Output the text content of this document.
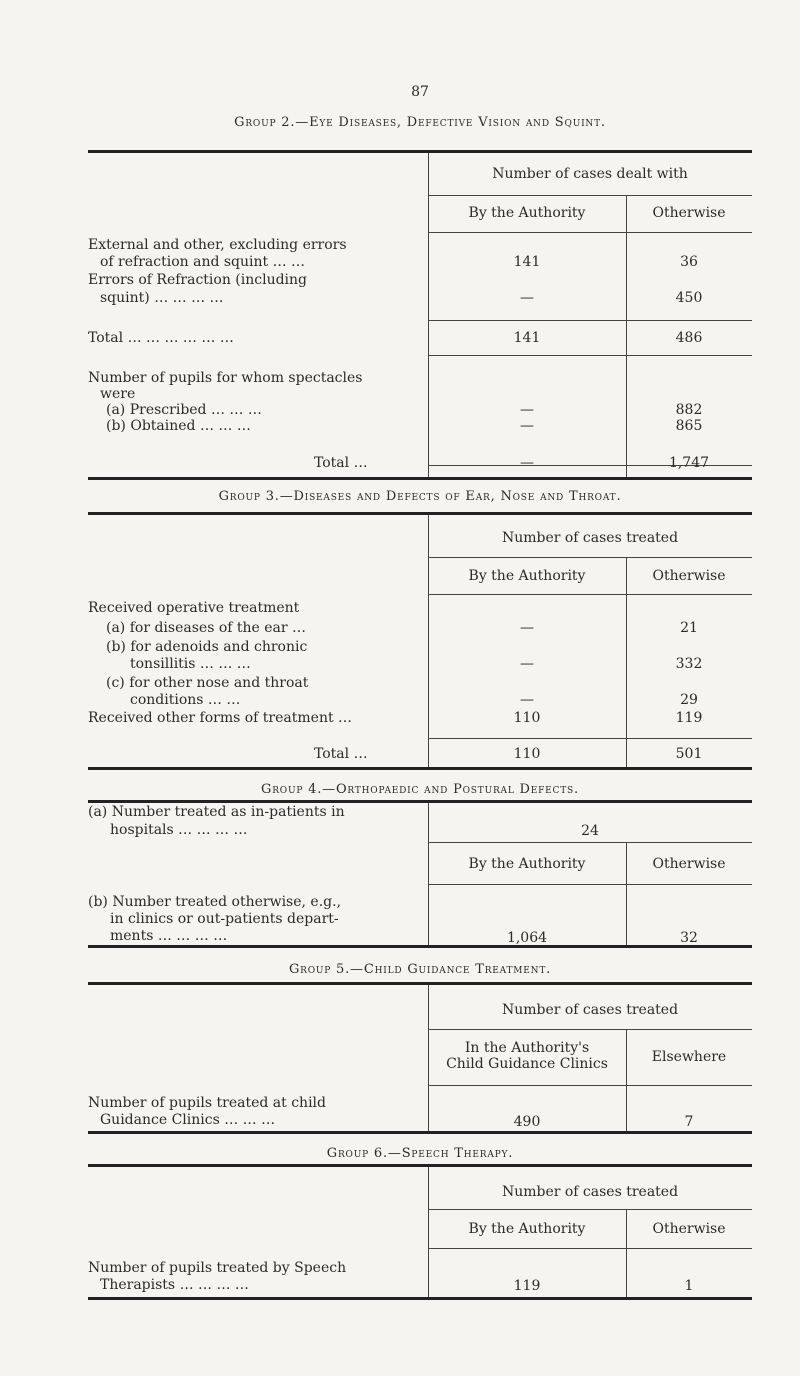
87
Group 2.—Eye Diseases, Defective Vision and Squint.
Number of cases dealt with
By the Authority	Otherwise
External and other, excluding errors
of refraction and squint … …	141	36
Errors of Refraction (including
squint) … … … …	—	450
Total … … … … … …	141	486
Number of pupils for whom spectacles
were
(a) Prescribed … … …	—	882
(b) Obtained … … …	—	865
Total …	—	1,747
Group 3.—Diseases and Defects of Ear, Nose and Throat.
Number of cases treated
By the Authority	Otherwise
Received operative treatment
(a) for diseases of the ear …	—	21
(b) for adenoids and chronic
tonsillitis … … …	—	332
(c) for other nose and throat
conditions … …	—	29
Received other forms of treatment …	110	119
Total …	110	501
Group 4.—Orthopaedic and Postural Defects.
(a) Number treated as in-patients in
hospitals … … … …	24
By the Authority	Otherwise
(b) Number treated otherwise, e.g.,
in clinics or out-patients depart-
ments … … … …	1,064	32
Group 5.—Child Guidance Treatment.
Number of cases treated
In the Authority's
Child Guidance Clinics	Elsewhere
Number of pupils treated at child
Guidance Clinics … … …	490	7
Group 6.—Speech Therapy.
Number of cases treated
By the Authority	Otherwise
Number of pupils treated by Speech
Therapists … … … …	119	1
